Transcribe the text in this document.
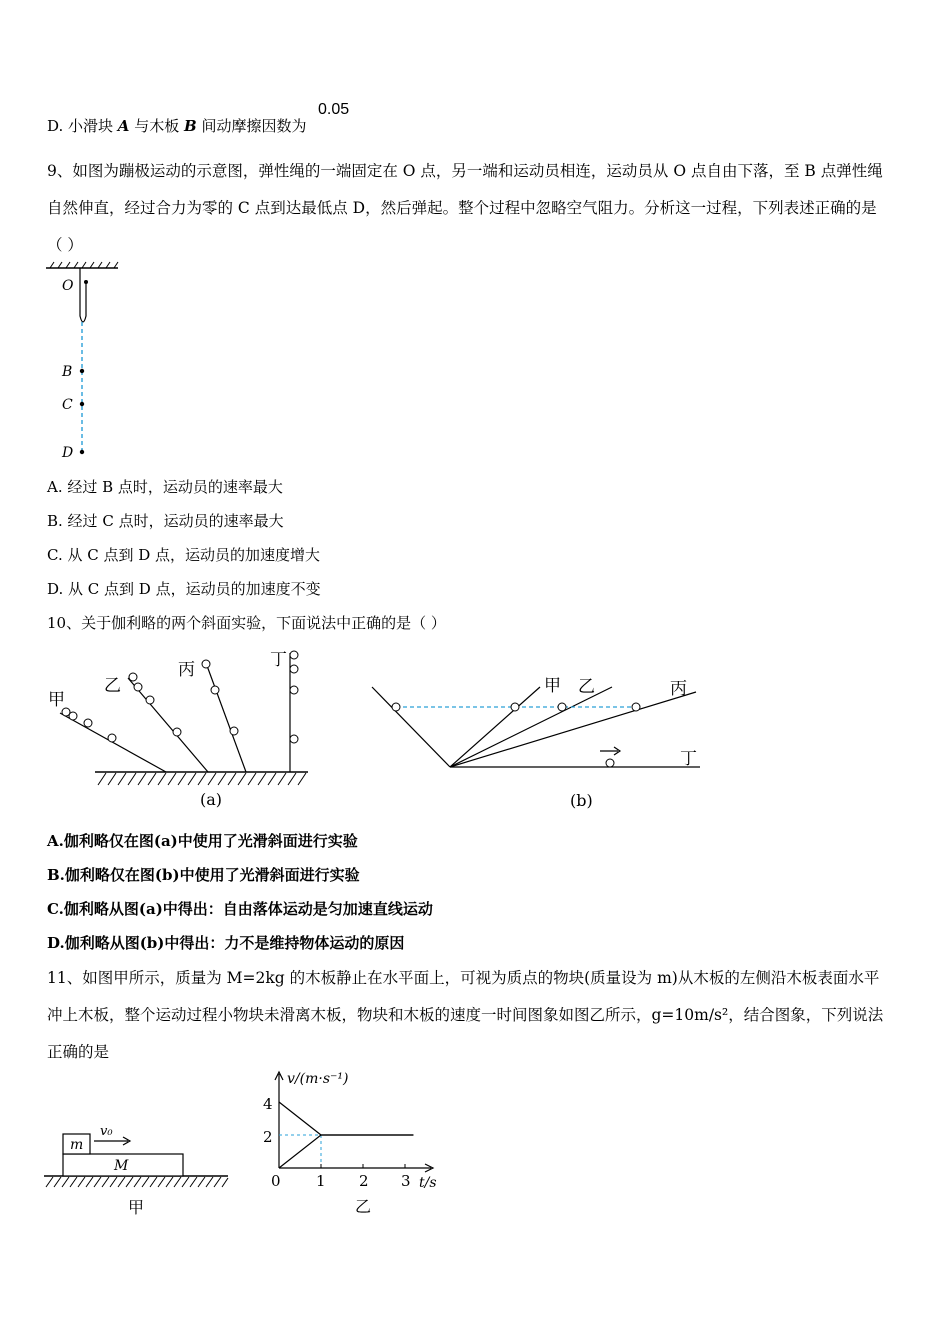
D. 小滑块 A 与木板 B 间动摩擦因数为
0.05
9、如图为蹦极运动的示意图，弹性绳的一端固定在 O 点，另一端和运动员相连，运动员从 O 点自由下落，至 B 点弹性绳
自然伸直，经过合力为零的 C 点到达最低点 D，然后弹起。整个过程中忽略空气阻力。分析这一过程，下列表述正确的是
（ ）
O
B
C
D
A. 经过 B 点时，运动员的速率最大
B. 经过 C 点时，运动员的速率最大
C. 从 C 点到 D 点，运动员的加速度增大
D. 从 C 点到 D 点，运动员的加速度不变
10、关于伽利略的两个斜面实验，下面说法中正确的是（ ）
甲
乙
丙	丁
(a)
甲 乙	丙
丁
(b)
A.伽利略仅在图(a)中使用了光滑斜面进行实验
B.伽利略仅在图(b)中使用了光滑斜面进行实验
C.伽利略从图(a)中得出：自由落体运动是匀加速直线运动
D.伽利略从图(b)中得出：力不是维持物体运动的原因
11、如图甲所示，质量为 M=2kg 的木板静止在水平面上，可视为质点的物块(质量设为 m)从木板的左侧沿木板表面水平
冲上木板，整个运动过程小物块未滑离木板，物块和木板的速度一时间图象如图乙所示，g=10m/s²，结合图象，下列说法
正确的是
m
M
v₀
甲
v/(m·s⁻¹)
t/s
4
2
0 1 2 3
乙
